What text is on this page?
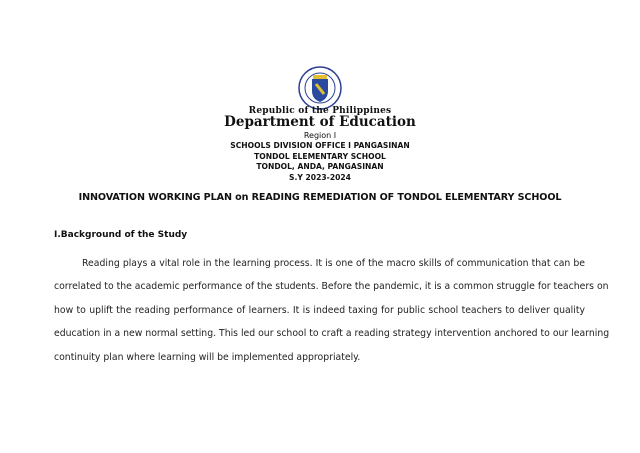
Republic of the Philippines
Department of Education
Region I
SCHOOLS DIVISION OFFICE I PANGASINAN
TONDOL ELEMENTARY SCHOOL
TONDOL, ANDA, PANGASINAN
S.Y 2023-2024
INNOVATION WORKING PLAN on READING REMEDIATION OF TONDOL ELEMENTARY SCHOOL
I.Background of the Study
Reading plays a vital role in the learning process. It is one of the macro skills of communication that can be
correlated to the academic performance of the students. Before the pandemic, it is a common struggle for teachers on
how to uplift the reading performance of learners. It is indeed taxing for public school teachers to deliver quality
education in a new normal setting. This led our school to craft a reading strategy intervention anchored to our learning
continuity plan where learning will be implemented appropriately.
